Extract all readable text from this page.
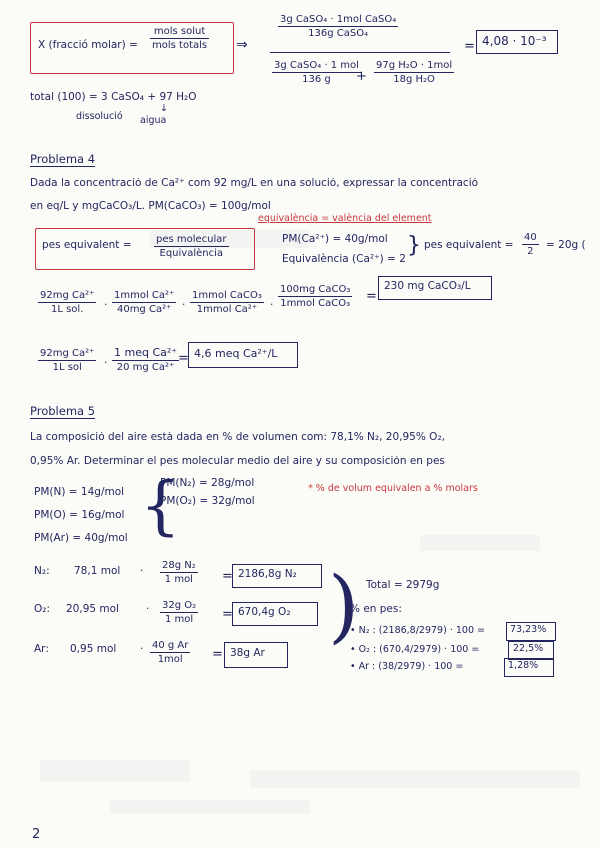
X (fracció molar) =
mols solut
mols totals ⇒
3g CaSO₄ · 1mol CaSO₄
136g CaSO₄
3g CaSO₄ · 1 mol
136 g +
97g H₂O · 1mol
18g H₂O
= 4,08 · 10⁻³
total (100) = 3 CaSO₄ + 97 H₂O
↓
dissolució aigua
Problema 4
Dada la concentració de Ca²⁺ com 92 mg/L en una solució, expressar la concentració
en eq/L y mgCaCO₃/L. PM(CaCO₃) = 100g/mol
equivalència = valència del element
pes equivalent = pes molecular
Equivalència
PM(Ca²⁺) = 40g/mol
Equivalència (Ca²⁺) = 2
} pes equivalent =
40
2
= 20g (
92mg Ca²⁺
1L sol. ·
1mmol Ca²⁺
40mg Ca²⁺ ·
1mmol CaCO₃
1mmol Ca²⁺ ·
100mg CaCO₃
1mmol CaCO₃ =
230 mg CaCO₃/L
92mg Ca²⁺
1L sol ·
1 meq Ca²⁺
20 mg Ca²⁺
= 4,6 meq Ca²⁺/L
Problema 5
La composició del aire està dada en % de volumen com: 78,1% N₂, 20,95% O₂,
0,95% Ar. Determinar el pes molecular medio del aire y su composición en pes
PM(N) = 14g/mol
PM(O) = 16g/mol
PM(Ar) = 40g/mol {
PM(N₂) = 28g/mol
PM(O₂) = 32g/mol
* % de volum equivalen a % molars
N₂: 78,1 mol · 28g N₂
1 mol = 2186,8g N₂
O₂: 20,95 mol	· 32g O₂
1 mol = 670,4g O₂
Ar: 0,95 mol · 40 g Ar
1mol = 38g Ar
) Total = 2979g
% en pes:
• N₂ : (2186,8/2979) · 100 =	73,23%
• O₂ : (670,4/2979) · 100 =	22,5%
• Ar : (38/2979) · 100 =	1,28%
2
